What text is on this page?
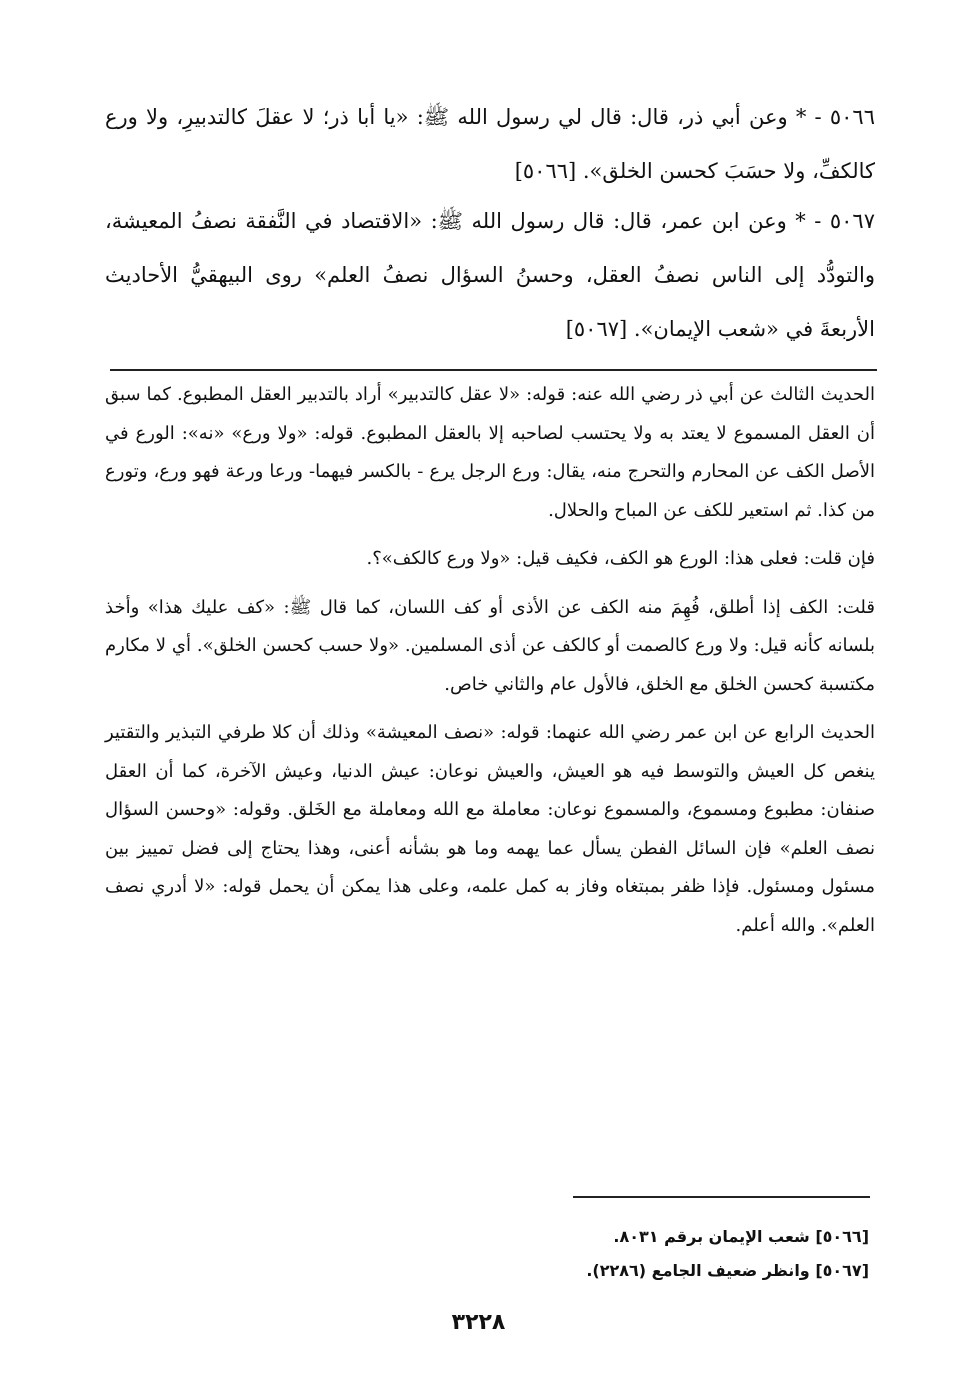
٥٠٦٦ - * وعن أبي ذر، قال: قال لي رسول الله ﷺ: «يا أبا ذر؛ لا عقلَ كالتدبيرِ، ولا ورع كالكفِّ، ولا حسَبَ كحسن الخلق». [٥٠٦٦]

٥٠٦٧ - * وعن ابن عمر، قال: قال رسول الله ﷺ: «الاقتصاد في النَّفقة نصفُ المعيشة، والتودُّد إلى الناس نصفُ العقل، وحسنُ السؤال نصفُ العلم» روى البيهقيُّ الأحاديث الأربعةَ في «شعب الإيمان». [٥٠٦٧]

الحديث الثالث عن أبي ذر رضي الله عنه: قوله: «لا عقل كالتدبير» أراد بالتدبير العقل المطبوع. كما سبق أن العقل المسموع لا يعتد به ولا يحتسب لصاحبه إلا بالعقل المطبوع. قوله: «ولا ورع» «نه»: الورع في الأصل الكف عن المحارم والتحرج منه، يقال: ورع الرجل يرع - بالكسر فيهما- ورعا ورعة فهو ورع، وتورع من كذا. ثم استعير للكف عن المباح والحلال.

فإن قلت: فعلى هذا: الورع هو الكف، فكيف قيل: «ولا ورع كالكف»؟.

قلت: الكف إذا أطلق، فُهِمَ منه الكف عن الأذى أو كف اللسان، كما قال ﷺ: «كف عليك هذا» وأخذ بلسانه كأنه قيل: ولا ورع كالصمت أو كالكف عن أذى المسلمين. «ولا حسب كحسن الخلق». أي لا مكارم مكتسبة كحسن الخلق مع الخلق، فالأول عام والثاني خاص.

الحديث الرابع عن ابن عمر رضي الله عنهما: قوله: «نصف المعيشة» وذلك أن كلا طرفي التبذير والتقتير ينغص كل العيش والتوسط فيه هو العيش، والعيش نوعان: عيش الدنيا، وعيش الآخرة، كما أن العقل صنفان: مطبوع ومسموع، والمسموع نوعان: معاملة مع الله ومعاملة مع الخَلق. وقوله: «وحسن السؤال نصف العلم» فإن السائل الفطن يسأل عما يهمه وما هو بشأنه أعنى، وهذا يحتاج إلى فضل تمييز بين مسئول ومسئول. فإذا ظفر بمبتغاه وفاز به كمل علمه، وعلى هذا يمكن أن يحمل قوله: «لا أدري نصف العلم». والله أعلم.

[٥٠٦٦] شعب الإيمان برقم ٨٠٣١.

[٥٠٦٧] وانظر ضعيف الجامع (٢٢٨٦).

٣٢٢٨
